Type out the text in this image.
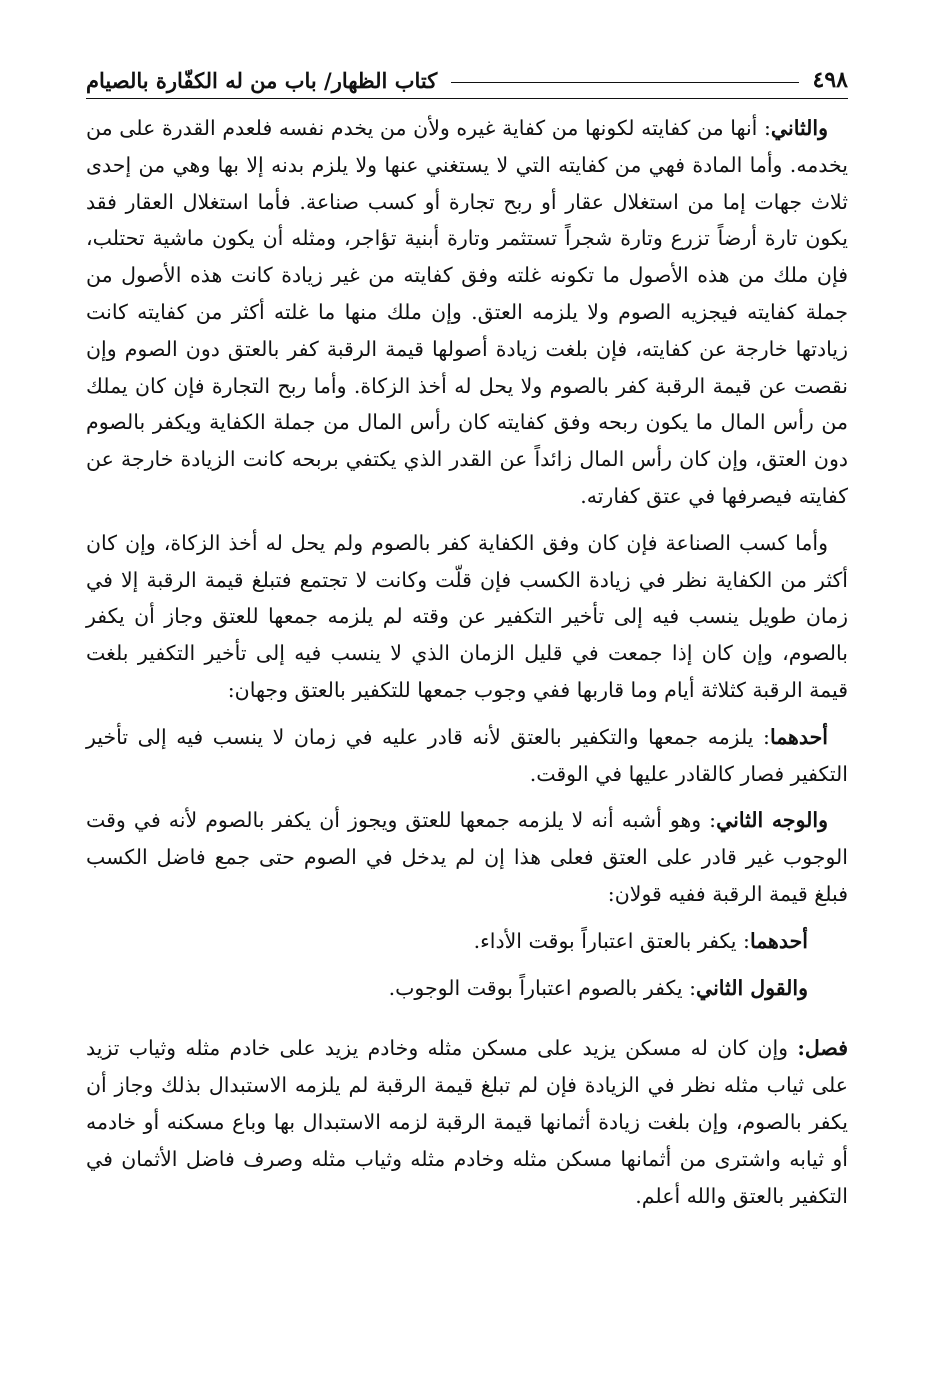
٤٩٨
كتاب الظهار/ باب من له الكفّارة بالصيام

والثاني: أنها من كفايته لكونها من كفاية غيره ولأن من يخدم نفسه فلعدم القدرة على من يخدمه. وأما المادة فهي من كفايته التي لا يستغني عنها ولا يلزم بدنه إلا بها وهي من إحدى ثلاث جهات إما من استغلال عقار أو ربح تجارة أو كسب صناعة. فأما استغلال العقار فقد يكون تارة أرضاً تزرع وتارة شجراً تستثمر وتارة أبنية تؤاجر، ومثله أن يكون ماشية تحتلب، فإن ملك من هذه الأصول ما تكونه غلته وفق كفايته من غير زيادة كانت هذه الأصول من جملة كفايته فيجزيه الصوم ولا يلزمه العتق. وإن ملك منها ما غلته أكثر من كفايته كانت زيادتها خارجة عن كفايته، فإن بلغت زيادة أصولها قيمة الرقبة كفر بالعتق دون الصوم وإن نقصت عن قيمة الرقبة كفر بالصوم ولا يحل له أخذ الزكاة. وأما ربح التجارة فإن كان يملك من رأس المال ما يكون ربحه وفق كفايته كان رأس المال من جملة الكفاية ويكفر بالصوم دون العتق، وإن كان رأس المال زائداً عن القدر الذي يكتفي بربحه كانت الزيادة خارجة عن كفايته فيصرفها في عتق كفارته.

وأما كسب الصناعة فإن كان وفق الكفاية كفر بالصوم ولم يحل له أخذ الزكاة، وإن كان أكثر من الكفاية نظر في زيادة الكسب فإن قلّت وكانت لا تجتمع فتبلغ قيمة الرقبة إلا في زمان طويل ينسب فيه إلى تأخير التكفير عن وقته لم يلزمه جمعها للعتق وجاز أن يكفر بالصوم، وإن كان إذا جمعت في قليل الزمان الذي لا ينسب فيه إلى تأخير التكفير بلغت قيمة الرقبة كثلاثة أيام وما قاربها ففي وجوب جمعها للتكفير بالعتق وجهان:

أحدهما: يلزمه جمعها والتكفير بالعتق لأنه قادر عليه في زمان لا ينسب فيه إلى تأخير التكفير فصار كالقادر عليها في الوقت.

والوجه الثاني: وهو أشبه أنه لا يلزمه جمعها للعتق ويجوز أن يكفر بالصوم لأنه في وقت الوجوب غير قادر على العتق فعلى هذا إن لم يدخل في الصوم حتى جمع فاضل الكسب فبلغ قيمة الرقبة ففيه قولان:

أحدهما: يكفر بالعتق اعتباراً بوقت الأداء.

والقول الثاني: يكفر بالصوم اعتباراً بوقت الوجوب.

فصل: وإن كان له مسكن يزيد على مسكن مثله وخادم يزيد على خادم مثله وثياب تزيد على ثياب مثله نظر في الزيادة فإن لم تبلغ قيمة الرقبة لم يلزمه الاستبدال بذلك وجاز أن يكفر بالصوم، وإن بلغت زيادة أثمانها قيمة الرقبة لزمه الاستبدال بها وباع مسكنه أو خادمه أو ثيابه واشترى من أثمانها مسكن مثله وخادم مثله وثياب مثله وصرف فاضل الأثمان في التكفير بالعتق والله أعلم.
